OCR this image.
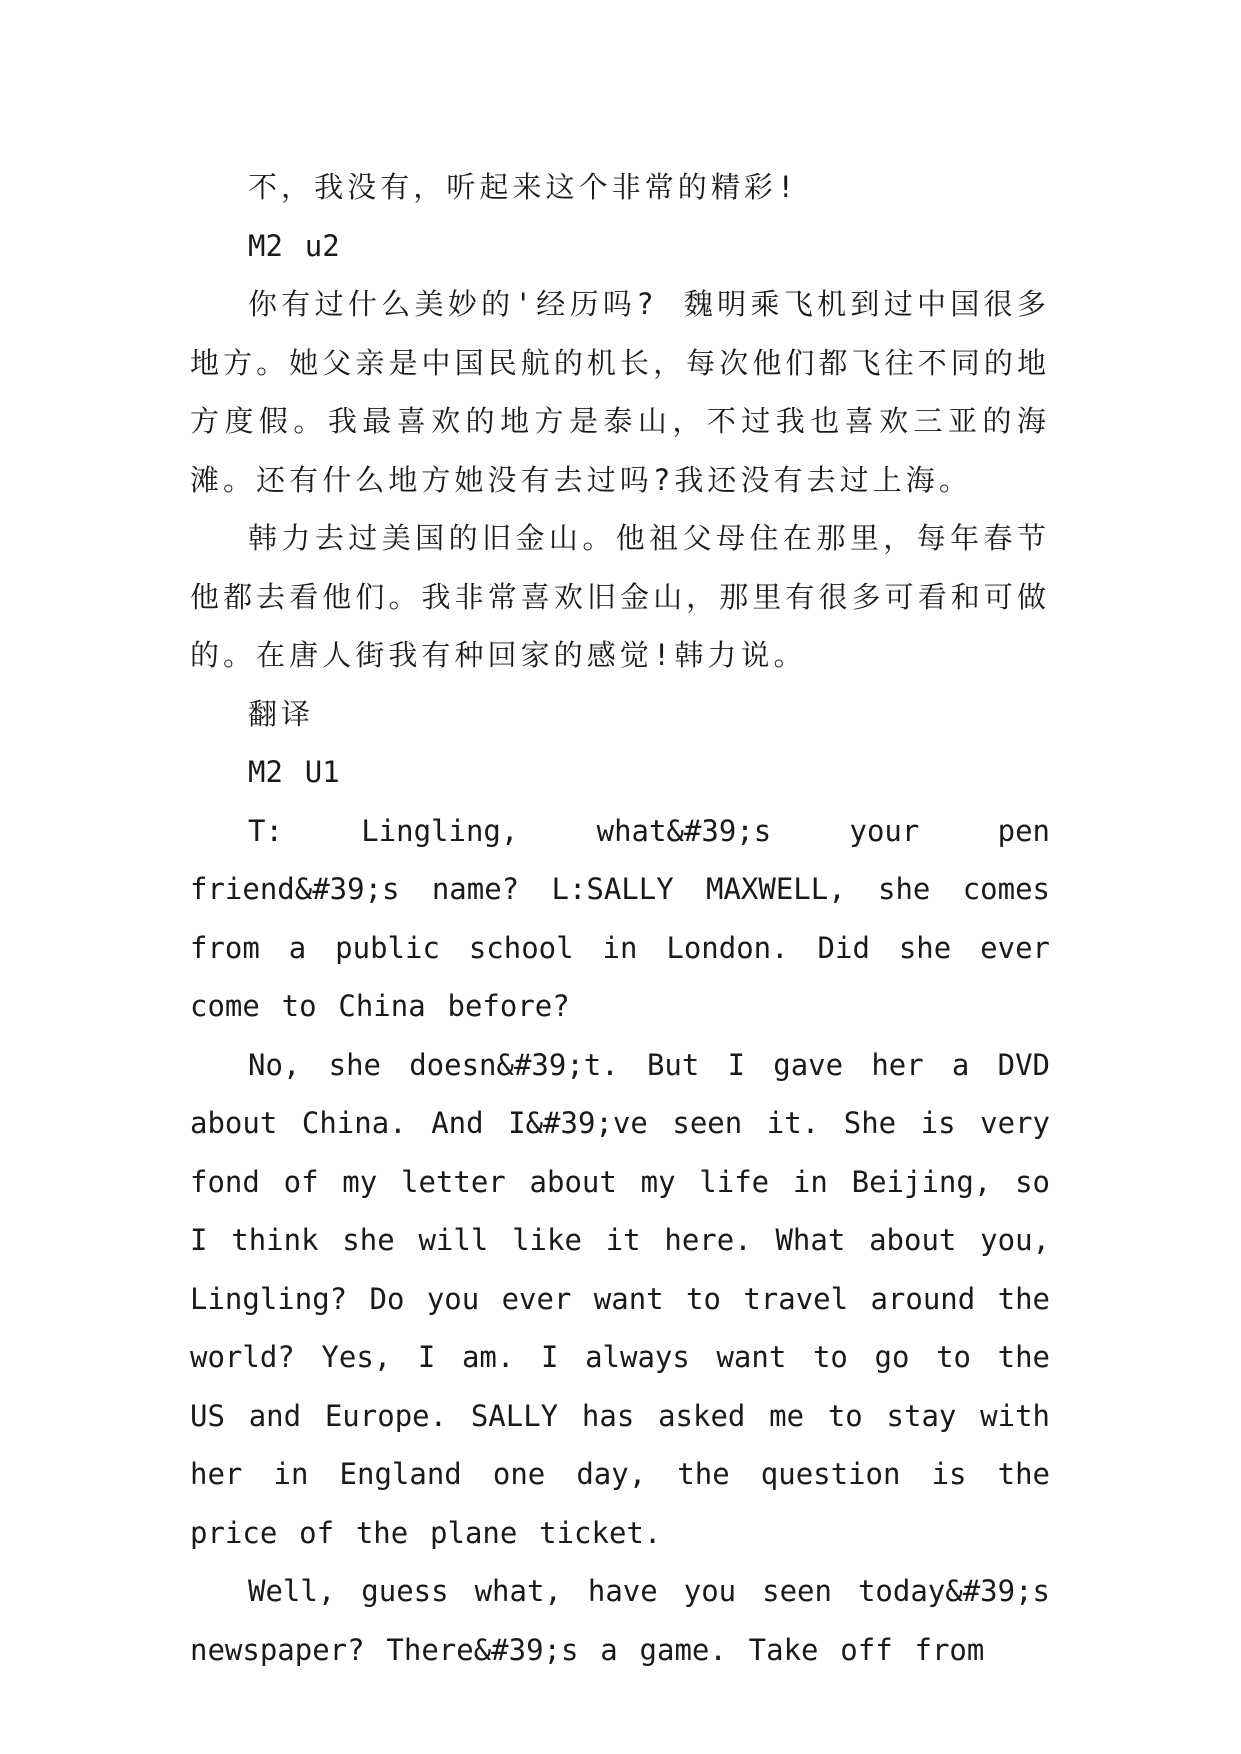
不，我没有，听起来这个非常的精彩!

M2 u2

你有过什么美妙的'经历吗? 魏明乘飞机到过中国很多地方。她父亲是中国民航的机长，每次他们都飞往不同的地方度假。我最喜欢的地方是泰山，不过我也喜欢三亚的海滩。还有什么地方她没有去过吗?我还没有去过上海。

韩力去过美国的旧金山。他祖父母住在那里，每年春节他都去看他们。我非常喜欢旧金山，那里有很多可看和可做的。在唐人街我有种回家的感觉!韩力说。

翻译

M2 U1

T: Lingling, what&#39;s your pen friend&#39;s name? L:SALLY MAXWELL, she comes from a public school in London. Did she ever come to China before?

No, she doesn&#39;t. But I gave her a DVD about China. And I&#39;ve seen it. She is very fond of my letter about my life in Beijing, so I think she will like it here. What about you, Lingling? Do you ever want to travel around the world? Yes, I am. I always want to go to the US and Europe. SALLY has asked me to stay with her in England one day, the question is the price of the plane ticket.

Well, guess what, have you seen today&#39;s newspaper? There&#39;s a game. Take off from
